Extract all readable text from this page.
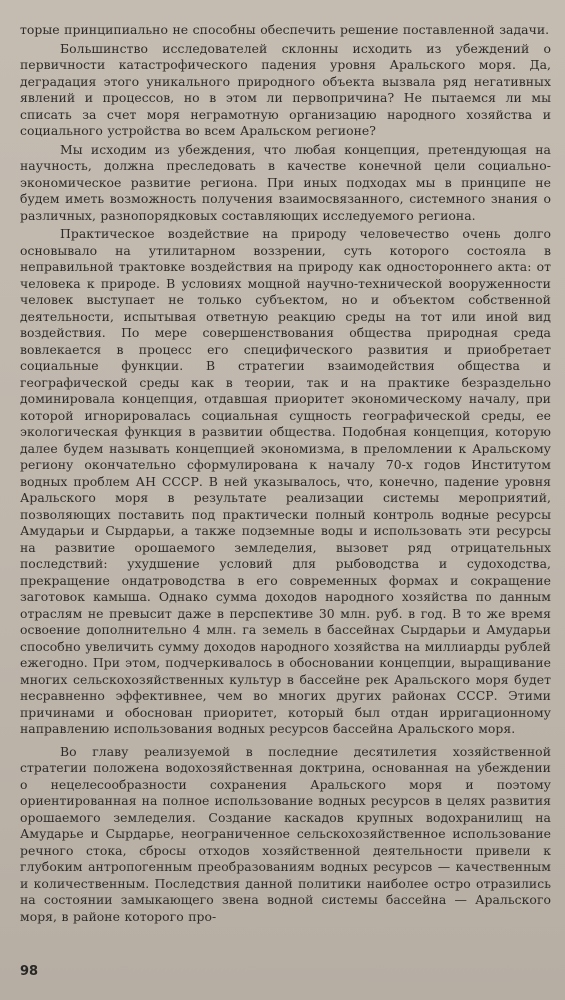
торые принципиально не способны обеспечить решение поставленной задачи.

Большинство исследователей склонны исходить из убеждений о первичности катастрофического падения уровня Аральского моря. Да, деградация этого уникального природного объекта вызвала ряд негативных явлений и процессов, но в этом ли первопричина? Не пытаемся ли мы списать за счет моря неграмотную организацию народного хозяйства и социального устройства во всем Аральском регионе?

Мы исходим из убеждения, что любая концепция, претендующая на научность, должна преследовать в качестве конечной цели социально-экономическое развитие региона. При иных подходах мы в принципе не будем иметь возможность получения взаимосвязанного, системного знания о различных, разнопорядковых составляющих исследуемого региона.

Практическое воздействие на природу человечество очень долго основывало на утилитарном воззрении, суть которого состояла в неправильной трактовке воздействия на природу как одностороннего акта: от человека к природе. В условиях мощной научно-технической вооруженности человек выступает не только субъектом, но и объектом собственной деятельности, испытывая ответную реакцию среды на тот или иной вид воздействия. По мере совершенствования общества природная среда вовлекается в процесс его специфического развития и приобретает социальные функции. В стратегии взаимодействия общества и географической среды как в теории, так и на практике безраздельно доминировала концепция, отдавшая приоритет экономическому началу, при которой игнорировалась социальная сущность географической среды, ее экологическая функция в развитии общества. Подобная концепция, которую далее будем называть концепцией экономизма, в преломлении к Аральскому региону окончательно сформулирована к началу 70-х годов Институтом водных проблем АН СССР. В ней указывалось, что, конечно, падение уровня Аральского моря в результате реализации системы мероприятий, позволяющих поставить под практически полный контроль водные ресурсы Амударьи и Сырдарьи, а также подземные воды и использовать эти ресурсы на развитие орошаемого земледелия, вызовет ряд отрицательных последствий: ухудшение условий для рыбоводства и судоходства, прекращение ондатроводства в его современных формах и сокращение заготовок камыша. Однако сумма доходов народного хозяйства по данным отраслям не превысит даже в перспективе 30 млн. руб. в год. В то же время освоение дополнительно 4 млн. га земель в бассейнах Сырдарьи и Амударьи способно увеличить сумму доходов народного хозяйства на миллиарды рублей ежегодно. При этом, подчеркивалось в обосновании концепции, выращивание многих сельскохозяйственных культур в бассейне рек Аральского моря будет несравненно эффективнее, чем во многих других районах СССР. Этими причинами и обоснован приоритет, который был отдан ирригационному направлению использования водных ресурсов бассейна Аральского моря.

Во главу реализуемой в последние десятилетия хозяйственной стратегии положена водохозяйственная доктрина, основанная на убеждении о нецелесообразности сохранения Аральского моря и поэтому ориентированная на полное использование водных ресурсов в целях развития орошаемого земледелия. Создание каскадов крупных водохранилищ на Амударье и Сырдарье, неограниченное сельскохозяйственное использование речного стока, сбросы отходов хозяйственной деятельности привели к глубоким антропогенным преобразованиям водных ресурсов — качественным и количественным. Последствия данной политики наиболее остро отразились на состоянии замыкающего звена водной системы бассейна — Аральского моря, в районе которого про-

98
